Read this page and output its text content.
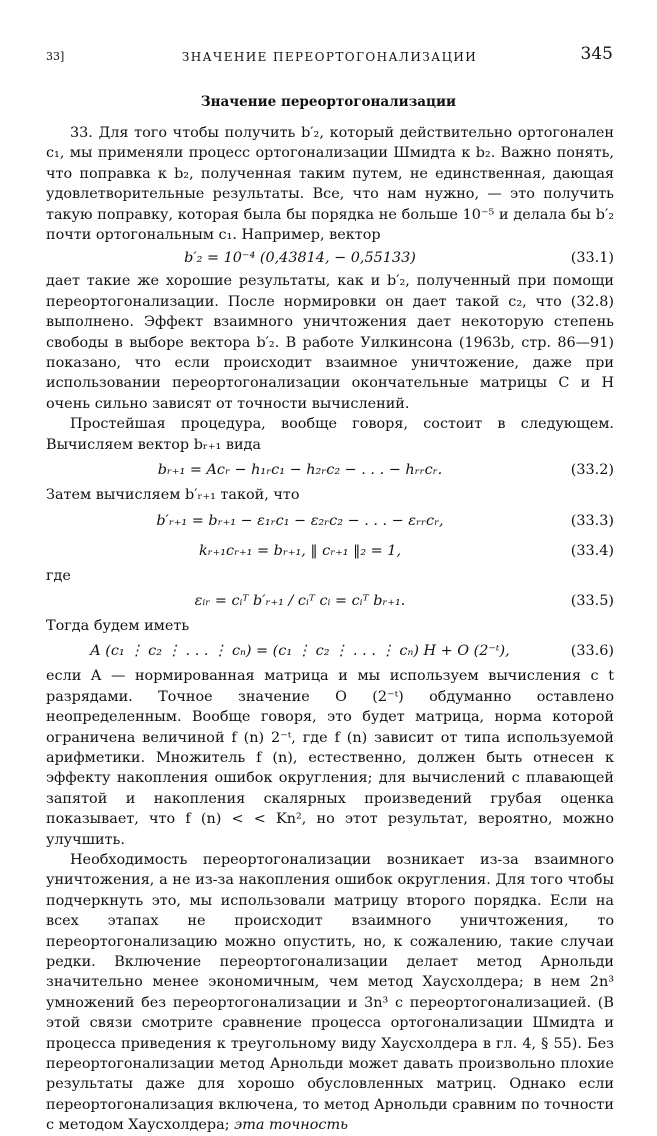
33]	ЗНАЧЕНИЕ ПЕРЕОРТОГОНАЛИЗАЦИИ	345
Значение переортогонализации

33. Для того чтобы получить b′₂, который действительно ортогонален c₁, мы применяли процесс ортогонализации Шмидта к b₂. Важно понять, что поправка к b₂, полученная таким путем, не единственная, дающая удовлетворительные результаты. Все, что нам нужно, — это получить такую поправку, которая была бы порядка не больше 10⁻⁵ и делала бы b′₂ почти ортогональным c₁. Например, вектор

b′₂ = 10⁻⁴ (0,43814, − 0,55133)	(33.1)

дает такие же хорошие результаты, как и b′₂, полученный при помощи переортогонализации. После нормировки он дает такой c₂, что (32.8) выполнено. Эффект взаимного уничтожения дает некоторую степень свободы в выборе вектора b′₂. В работе Уилкинсона (1963b, стр. 86—91) показано, что если происходит взаимное уничтожение, даже при использовании переортогонализации окончательные матрицы C и H очень сильно зависят от точности вычислений.

Простейшая процедура, вообще говоря, состоит в следующем. Вычисляем вектор bᵣ₊₁ вида

bᵣ₊₁ = Acᵣ − h₁ᵣc₁ − h₂ᵣc₂ − . . . − hᵣᵣcᵣ.	(33.2)

Затем вычисляем b′ᵣ₊₁ такой, что

b′ᵣ₊₁ = bᵣ₊₁ − ε₁ᵣc₁ − ε₂ᵣc₂ − . . . − εᵣᵣcᵣ,	(33.3)
kᵣ₊₁cᵣ₊₁ = bᵣ₊₁, ‖ cᵣ₊₁ ‖₂ = 1,	(33.4)

где

εᵢᵣ = cᵢᵀ b′ᵣ₊₁ / cᵢᵀ cᵢ = cᵢᵀ bᵣ₊₁.	(33.5)

Тогда будем иметь

A (c₁ ⋮ c₂ ⋮ . . . ⋮ cₙ) = (c₁ ⋮ c₂ ⋮ . . . ⋮ cₙ) H + O (2⁻ᵗ),	(33.6)

если A — нормированная матрица и мы используем вычисления с t разрядами. Точное значение O (2⁻ᵗ) обдуманно оставлено неопределенным. Вообще говоря, это будет матрица, норма которой ограничена величиной f (n) 2⁻ᵗ, где f (n) зависит от типа используемой арифметики. Множитель f (n), естественно, должен быть отнесен к эффекту накопления ошибок округления; для вычислений с плавающей запятой и накопления скалярных произведений грубая оценка показывает, что f (n) < < Kn², но этот результат, вероятно, можно улучшить.

Необходимость переортогонализации возникает из-за взаимного уничтожения, а не из-за накопления ошибок округления. Для того чтобы подчеркнуть это, мы использовали матрицу второго порядка. Если на всех этапах не происходит взаимного уничтожения, то переортогонализацию можно опустить, но, к сожалению, такие случаи редки. Включение переортогонализации делает метод Арнольди значительно менее экономичным, чем метод Хаусхолдера; в нем 2n³ умножений без переортогонализации и 3n³ с переортогонализацией. (В этой связи смотрите сравнение процесса ортогонализации Шмидта и процесса приведения к треугольному виду Хаусхолдера в гл. 4, § 55). Без переортогонализации метод Арнольди может давать произвольно плохие результаты даже для хорошо обусловленных матриц. Однако если переортогонализация включена, то метод Арнольди сравним по точности с методом Хаусхолдера; эта точность
